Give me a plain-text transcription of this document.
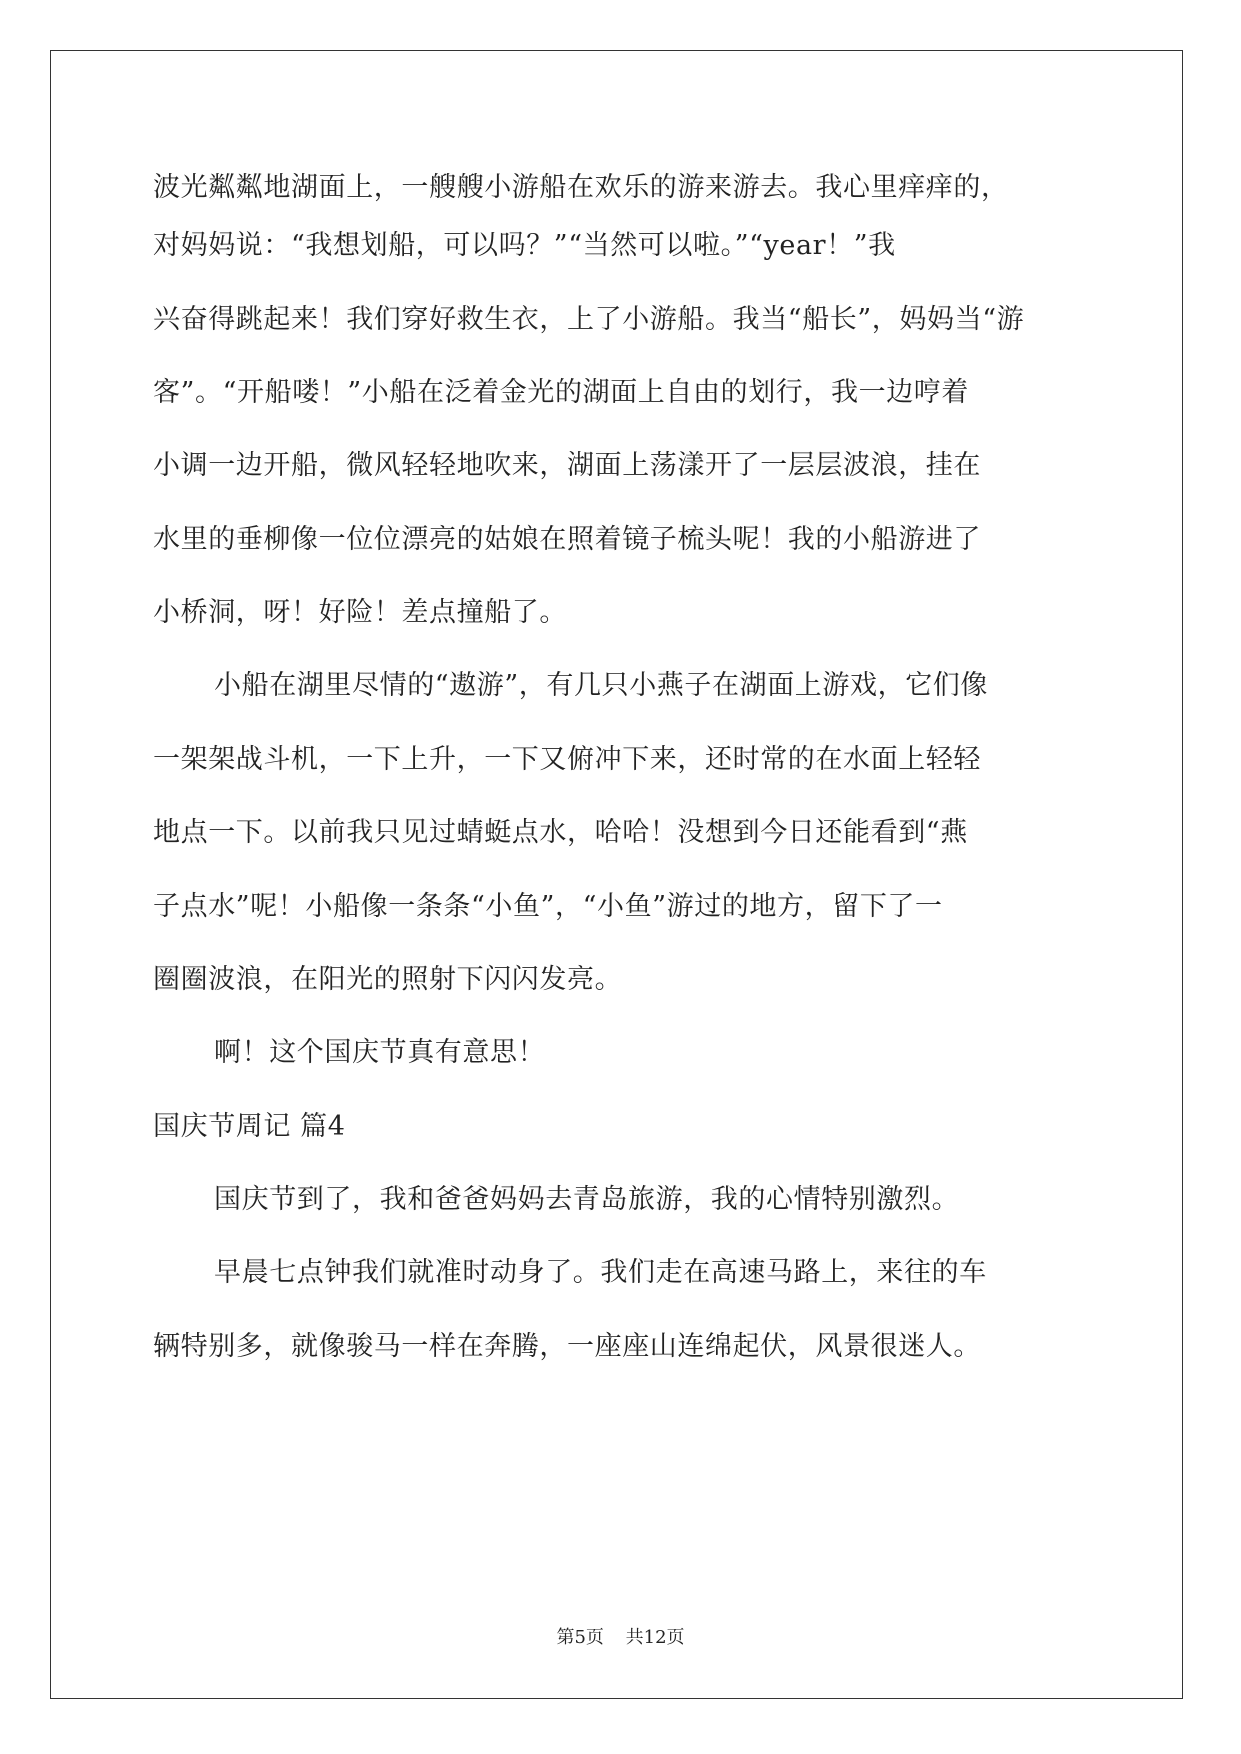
波光粼粼地湖面上，一艘艘小游船在欢乐的游来游去。我心里痒痒的，

对妈妈说：“我想划船，可以吗？”“当然可以啦。”“year！”我

兴奋得跳起来！我们穿好救生衣，上了小游船。我当“船长”，妈妈当“游

客”。“开船喽！”小船在泛着金光的湖面上自由的划行，我一边哼着

小调一边开船，微风轻轻地吹来，湖面上荡漾开了一层层波浪，挂在

水里的垂柳像一位位漂亮的姑娘在照着镜子梳头呢！我的小船游进了

小桥洞，呀！好险！差点撞船了。

小船在湖里尽情的“遨游”，有几只小燕子在湖面上游戏，它们像

一架架战斗机，一下上升，一下又俯冲下来，还时常的在水面上轻轻

地点一下。以前我只见过蜻蜓点水，哈哈！没想到今日还能看到“燕

子点水”呢！小船像一条条“小鱼”，“小鱼”游过的地方，留下了一

圈圈波浪，在阳光的照射下闪闪发亮。

啊！这个国庆节真有意思！

国庆节周记 篇4

国庆节到了，我和爸爸妈妈去青岛旅游，我的心情特别激烈。

早晨七点钟我们就准时动身了。我们走在高速马路上，来往的车

辆特别多，就像骏马一样在奔腾，一座座山连绵起伏，风景很迷人。

第5页 共12页
